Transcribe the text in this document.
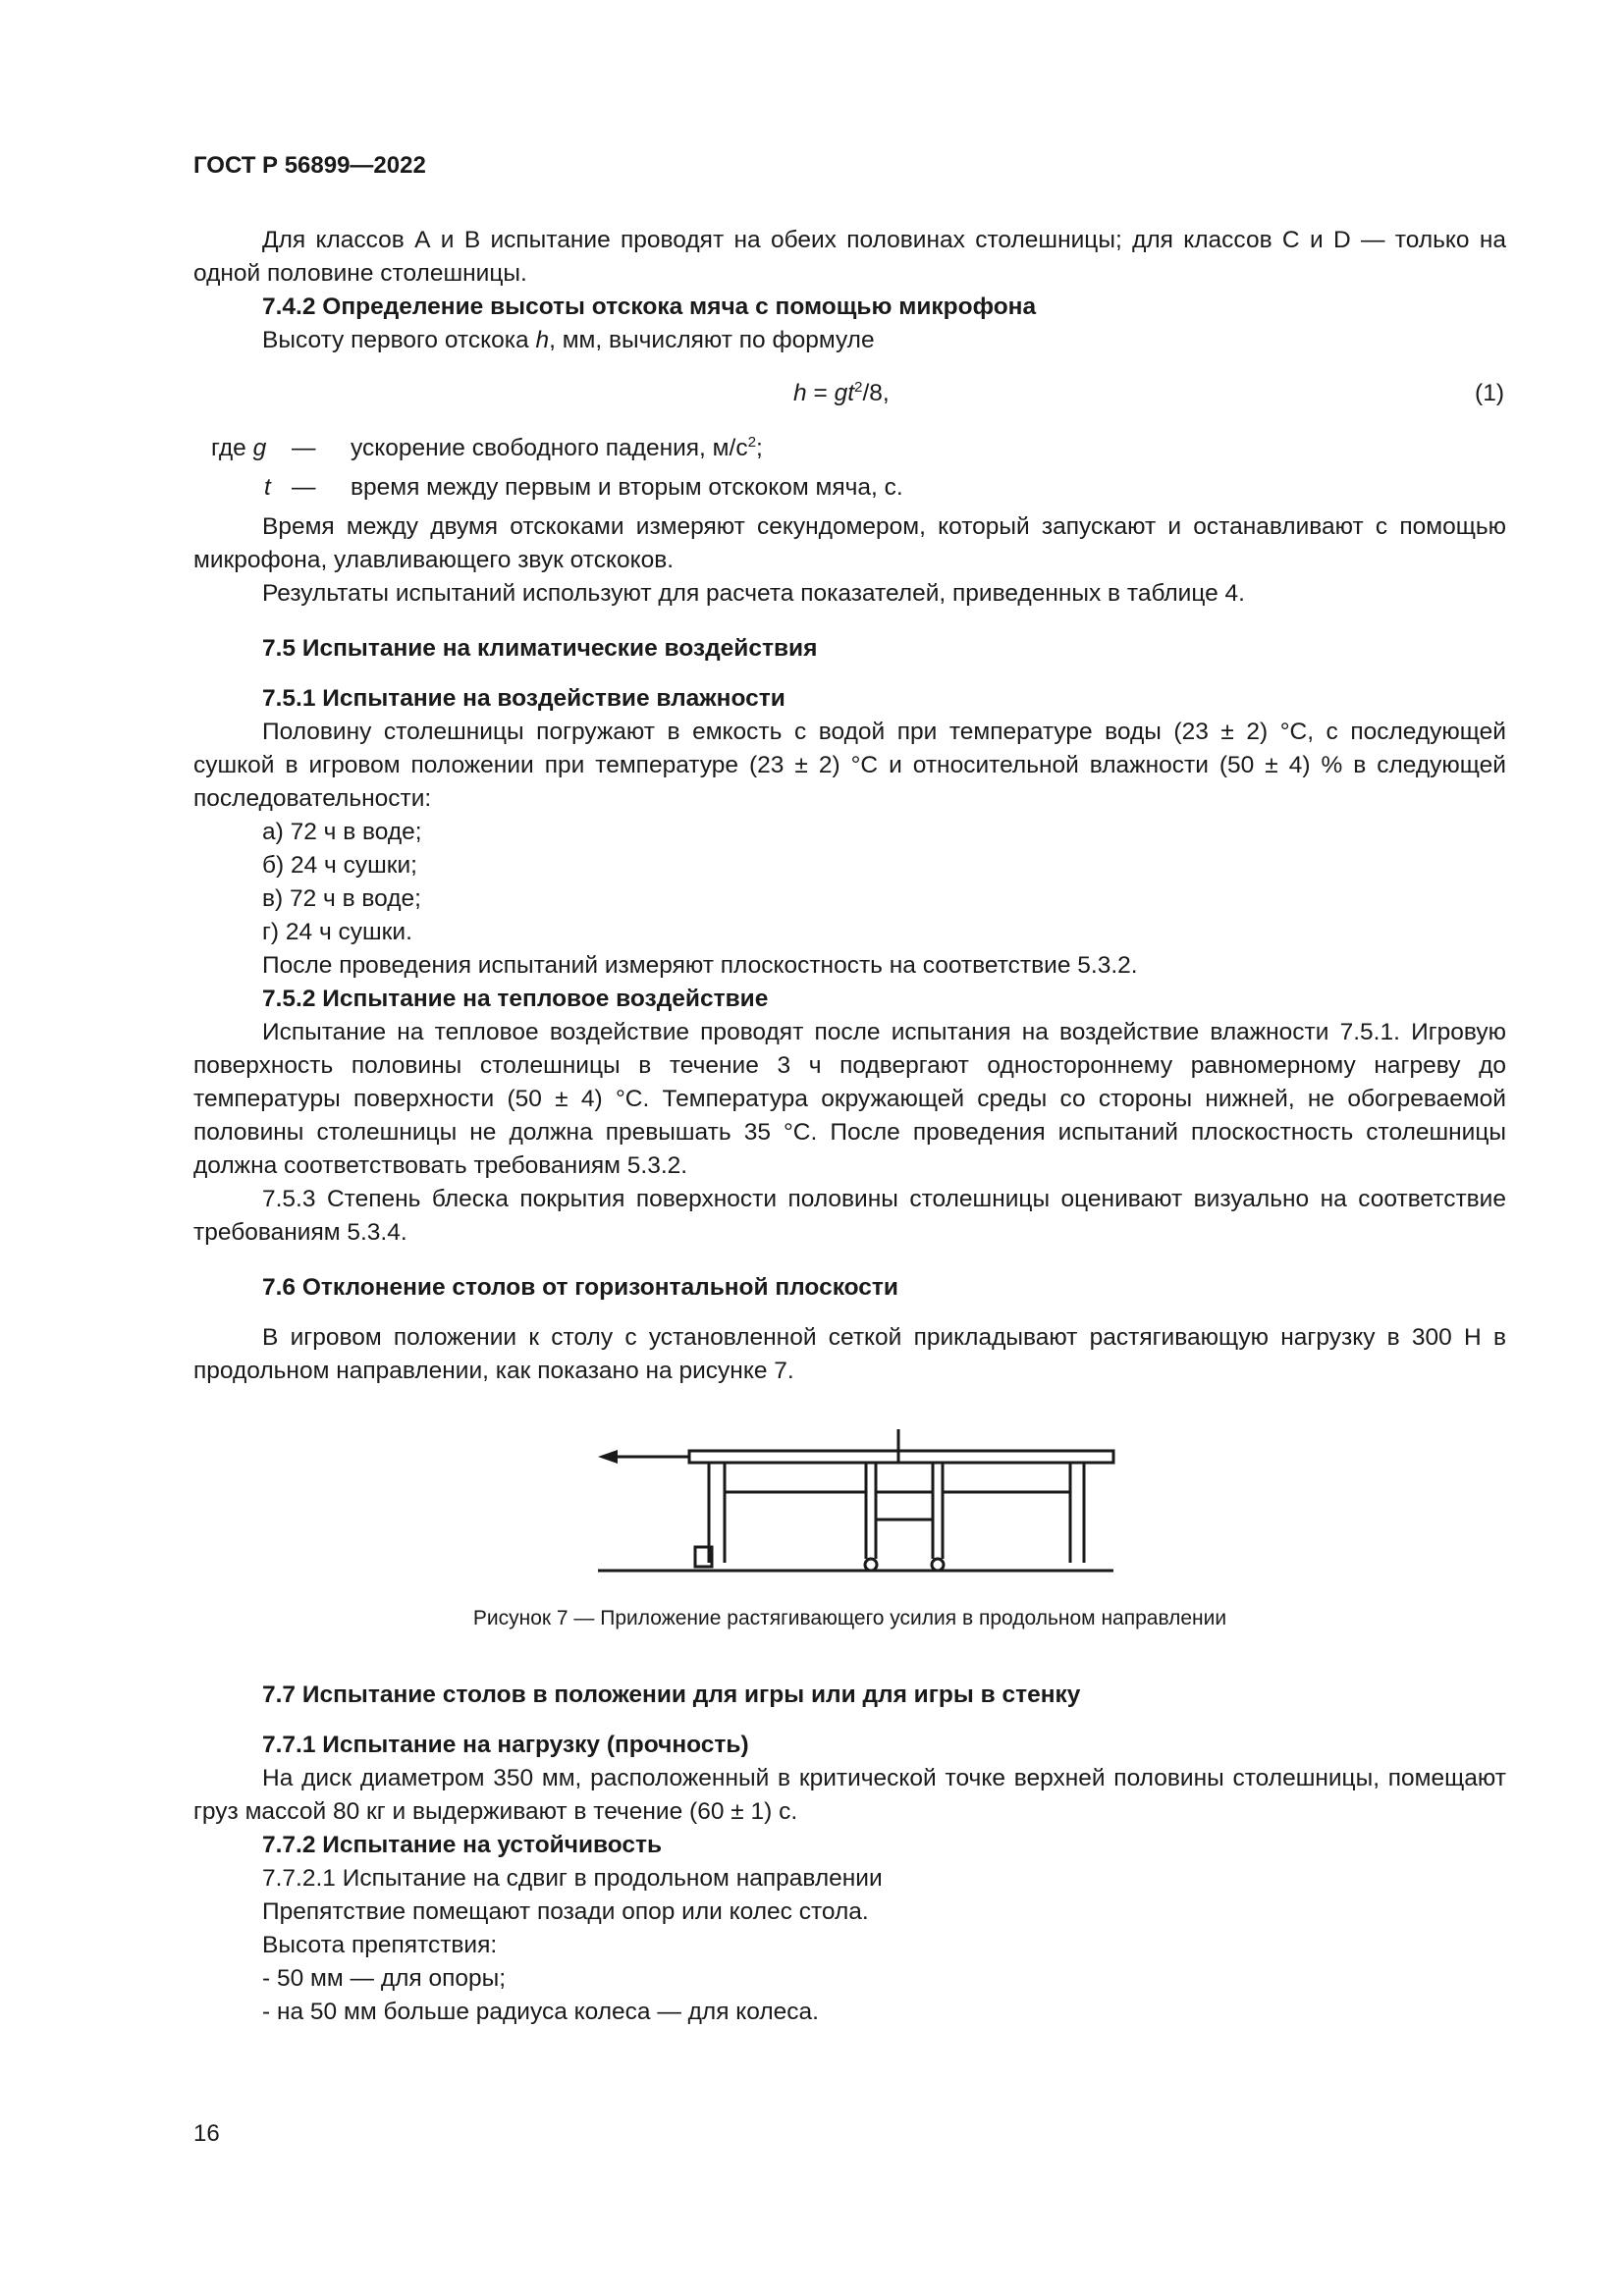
ГОСТ Р 56899—2022

Для классов А и В испытание проводят на обеих половинах столешницы; для классов С и D — только на одной половине столешницы.

7.4.2 Определение высоты отскока мяча с помощью микрофона

Высоту первого отскока h, мм, вычисляют по формуле

$h = gt^2/8$,	(1)
где g — ускорение свободного падения, $м/с^2$;
t — время между первым и вторым отскоком мяча, с.

Время между двумя отскоками измеряют секундомером, который запускают и останавливают с помощью микрофона, улавливающего звук отскоков.

Результаты испытаний используют для расчета показателей, приведенных в таблице 4.

7.5 Испытание на климатические воздействия

7.5.1 Испытание на воздействие влажности

Половину столешницы погружают в емкость с водой при температуре воды (23 ± 2) °С, с последующей сушкой в игровом положении при температуре (23 ± 2) °С и относительной влажности (50 ± 4) % в следующей последовательности:

а) 72 ч в воде;

б) 24 ч сушки;

в) 72 ч в воде;

г) 24 ч сушки.

После проведения испытаний измеряют плоскостность на соответствие 5.3.2.

7.5.2 Испытание на тепловое воздействие

Испытание на тепловое воздействие проводят после испытания на воздействие влажности 7.5.1. Игровую поверхность половины столешницы в течение 3 ч подвергают одностороннему равномерному нагреву до температуры поверхности (50 ± 4) °С. Температура окружающей среды со стороны нижней, не обогреваемой половины столешницы не должна превышать 35 °С. После проведения испытаний плоскостность столешницы должна соответствовать требованиям 5.3.2.

7.5.3 Степень блеска покрытия поверхности половины столешницы оценивают визуально на соответствие требованиям 5.3.4.

7.6 Отклонение столов от горизонтальной плоскости

В игровом положении к столу с установленной сеткой прикладывают растягивающую нагрузку в 300 Н в продольном направлении, как показано на рисунке 7.

Рисунок 7 — Приложение растягивающего усилия в продольном направлении

7.7 Испытание столов в положении для игры или для игры в стенку

7.7.1 Испытание на нагрузку (прочность)

На диск диаметром 350 мм, расположенный в критической точке верхней половины столешницы, помещают груз массой 80 кг и выдерживают в течение (60 ± 1) с.

7.7.2 Испытание на устойчивость

7.7.2.1 Испытание на сдвиг в продольном направлении

Препятствие помещают позади опор или колес стола.

Высота препятствия:

- 50 мм — для опоры;

- на 50 мм больше радиуса колеса — для колеса.

16
